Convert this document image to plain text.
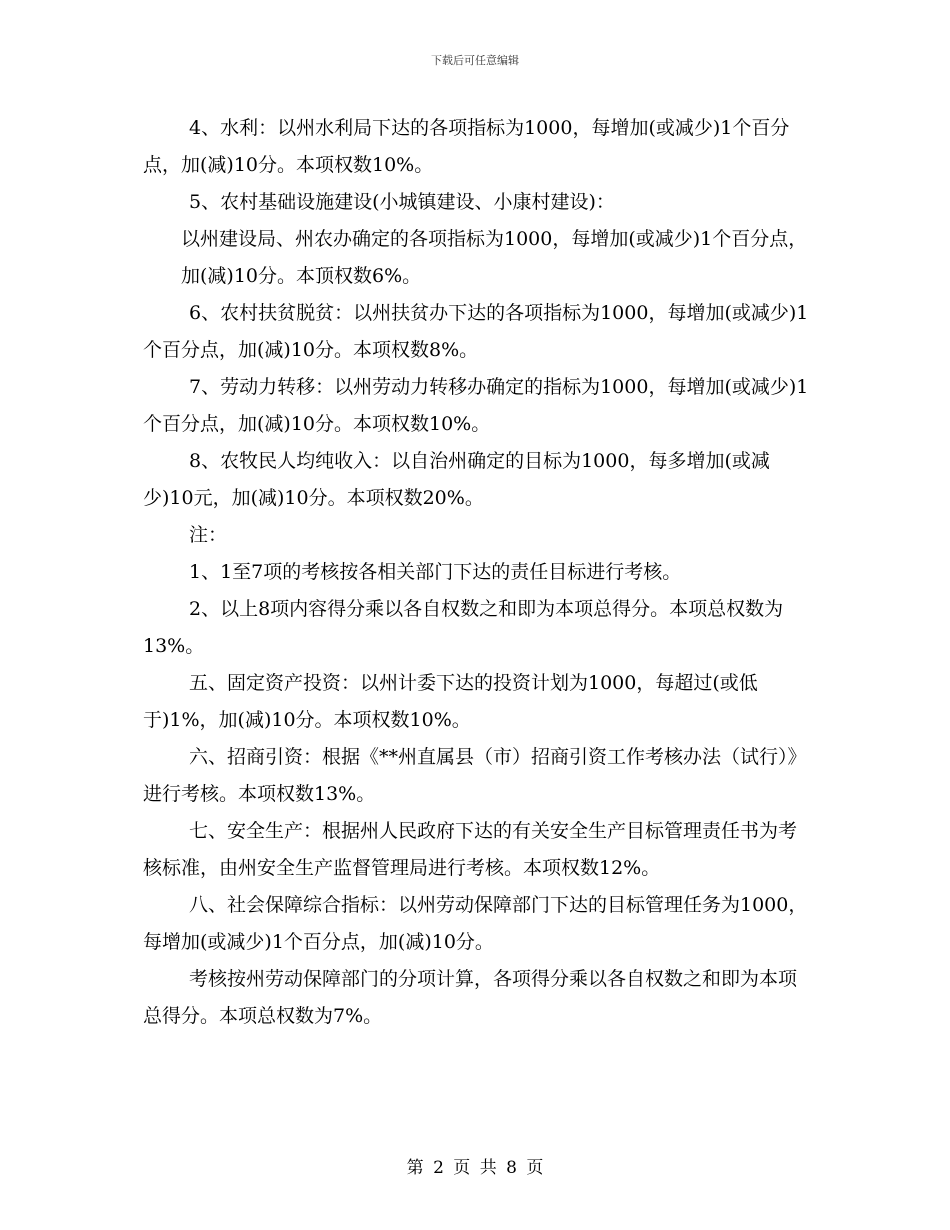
下载后可任意编辑

4、水利：以州水利局下达的各项指标为1000，每增加(或减少)1个百分点，加(减)10分。本项权数10%。

5、农村基础设施建设(小城镇建设、小康村建设)：

以州建设局、州农办确定的各项指标为1000，每增加(或减少)1个百分点，加(减)10分。本顶权数6%。

6、农村扶贫脱贫：以州扶贫办下达的各项指标为1000，每增加(或减少)1个百分点，加(减)10分。本项权数8%。

7、劳动力转移：以州劳动力转移办确定的指标为1000，每增加(或减少)1个百分点，加(减)10分。本项权数10%。

8、农牧民人均纯收入：以自治州确定的目标为1000，每多增加(或减少)10元，加(减)10分。本项权数20%。

注：

1、1至7项的考核按各相关部门下达的责任目标进行考核。

2、以上8项内容得分乘以各自权数之和即为本项总得分。本项总权数为13%。

五、固定资产投资：以州计委下达的投资计划为1000，每超过(或低于)1%，加(减)10分。本项权数10%。

六、招商引资：根据《**州直属县（市）招商引资工作考核办法（试行）》进行考核。本项权数13%。

七、安全生产：根据州人民政府下达的有关安全生产目标管理责任书为考核标准，由州安全生产监督管理局进行考核。本项权数12%。

八、社会保障综合指标：以州劳动保障部门下达的目标管理任务为1000，每增加(或减少)1个百分点，加(减)10分。

考核按州劳动保障部门的分项计算，各项得分乘以各自权数之和即为本项总得分。本项总权数为7%。

第 2 页 共 8 页
